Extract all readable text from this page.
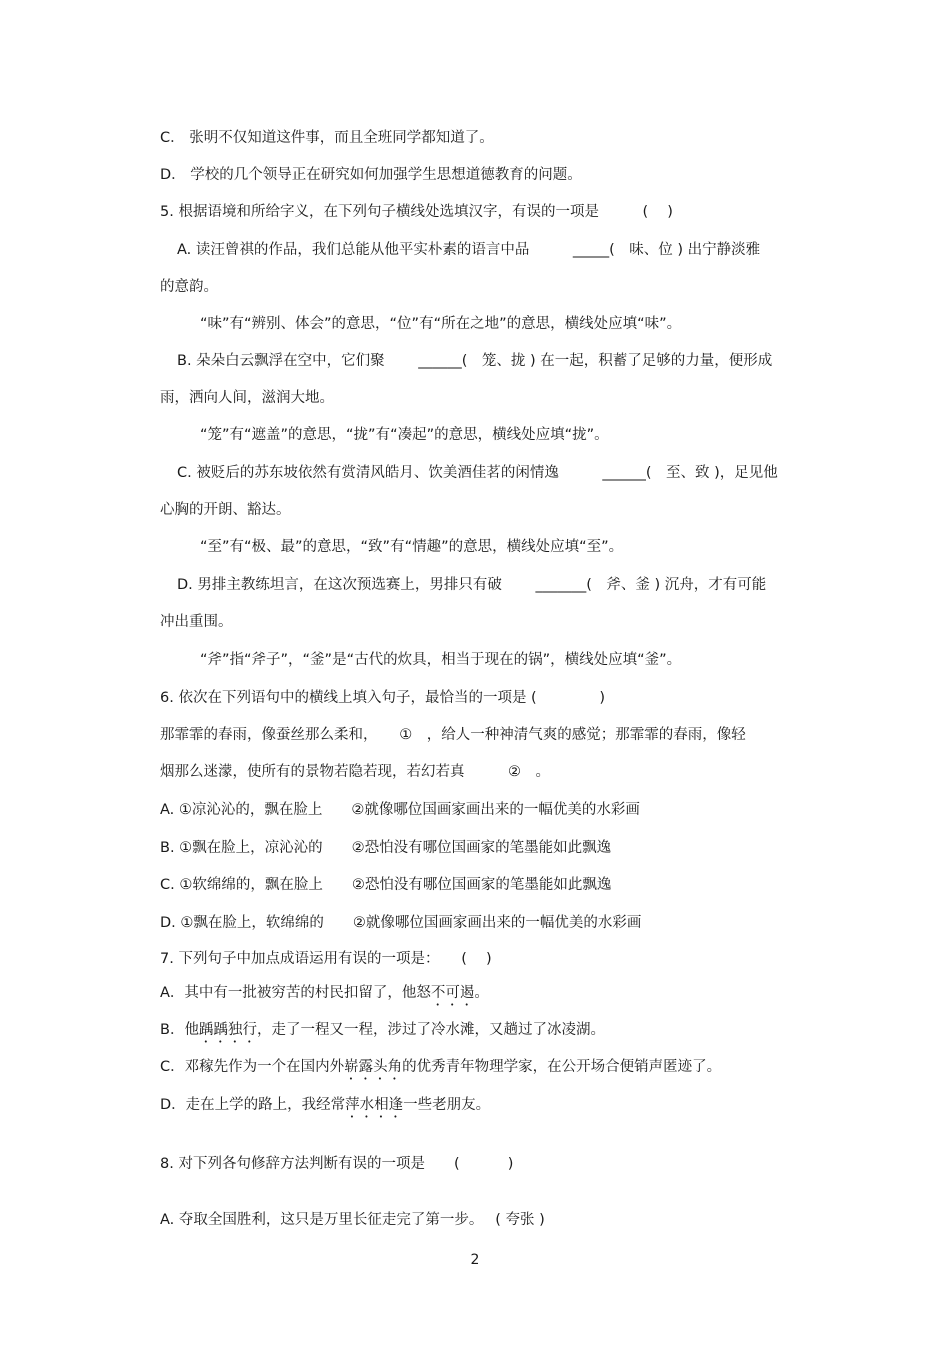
C． 张明不仅知道这件事，而且全班同学都知道了。
D． 学校的几个领导正在研究如何加强学生思想道德教育的问题。
5. 根据语境和所给字义，在下列句子横线处选填汉字，有误的一项是　　　(　 )
A. 读汪曾祺的作品，我们总能从他平实朴素的语言中品　　　_____(　味、位 ) 出宁静淡雅
的意韵。
“味”有“辨别、体会”的意思，“位”有“所在之地”的意思，横线处应填“味”。
B. 朵朵白云飘浮在空中，它们聚　　 ______(　笼、拢 ) 在一起，积蓄了足够的力量，便形成
雨，洒向人间，滋润大地。
“笼”有“遮盖”的意思，“拢”有“凑起”的意思，横线处应填“拢”。
C. 被贬后的苏东坡依然有赏清风皓月、饮美酒佳茗的闲情逸　　　______(　至、致 )，足见他
心胸的开朗、豁达。
“至”有“极、最”的意思，“致”有“情趣”的意思，横线处应填“至”。
D. 男排主教练坦言，在这次预选赛上，男排只有破　　 _______(　斧、釜 ) 沉舟，才有可能
冲出重围。
“斧”指“斧子”，“釜”是“古代的炊具，相当于现在的锅”，横线处应填“釜”。
6. 依次在下列语句中的横线上填入句子，最恰当的一项是 (　　　　 )
那霏霏的春雨，像蚕丝那么柔和，　　①　，给人一种神清气爽的感觉；那霏霏的春雨，像轻
烟那么迷濛，使所有的景物若隐若现，若幻若真　　　②　。
A. ①凉沁沁的，飘在脸上　　②就像哪位国画家画出来的一幅优美的水彩画
B. ①飘在脸上，凉沁沁的　　②恐怕没有哪位国画家的笔墨能如此飘逸
C. ①软绵绵的，飘在脸上　　②恐怕没有哪位国画家的笔墨能如此飘逸
D. ①飘在脸上，软绵绵的　　②就像哪位国画家画出来的一幅优美的水彩画
7. 下列句子中加点成语运用有误的一项是：　　(　 )
A．其中有一批被穷苦的村民扣留了，他怒不可遏。
B．他踽踽独行，走了一程又一程，涉过了冷水滩，又趟过了冰凌湖。
C．邓稼先作为一个在国内外崭露头角的优秀青年物理学家，在公开场合便销声匿迹了。
D．走在上学的路上，我经常萍水相逢一些老朋友。
8. 对下列各句修辞方法判断有误的一项是　　(　　　 )
A. 夺取全国胜利，这只是万里长征走完了第一步。　 ( 夸张 )
2
